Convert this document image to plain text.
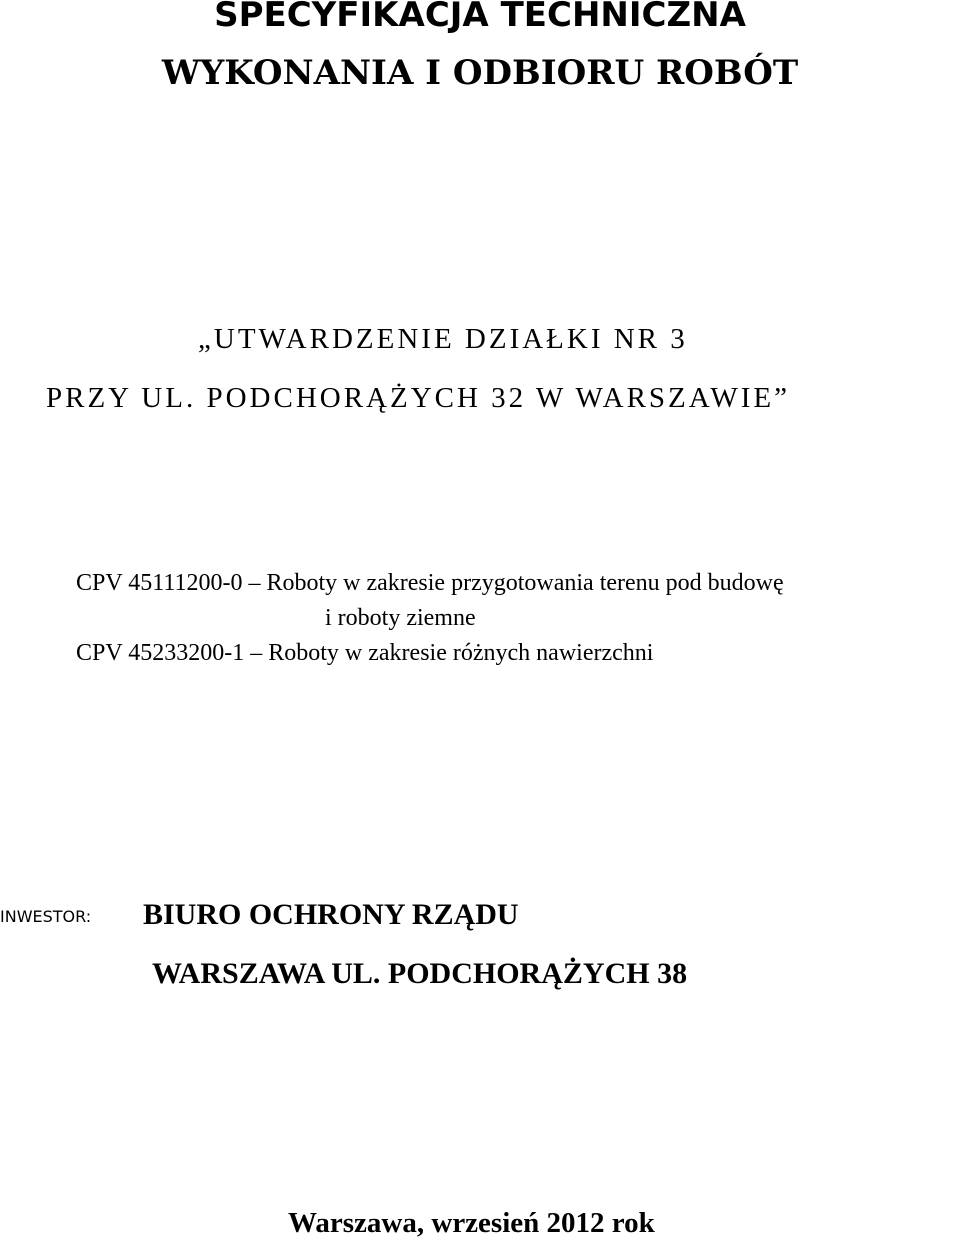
SPECYFIKACJA TECHNICZNA
WYKONANIA I ODBIORU ROBÓT
„UTWARDZENIE DZIAŁKI NR 3
PRZY UL. PODCHORĄŻYCH 32 W WARSZAWIE”
CPV 45111200-0 – Roboty w zakresie przygotowania terenu pod budowę
i roboty ziemne
CPV 45233200-1 – Roboty w zakresie różnych nawierzchni
INWESTOR: BIURO OCHRONY RZĄDU
WARSZAWA UL. PODCHORĄŻYCH 38
Warszawa, wrzesień 2012 rok
